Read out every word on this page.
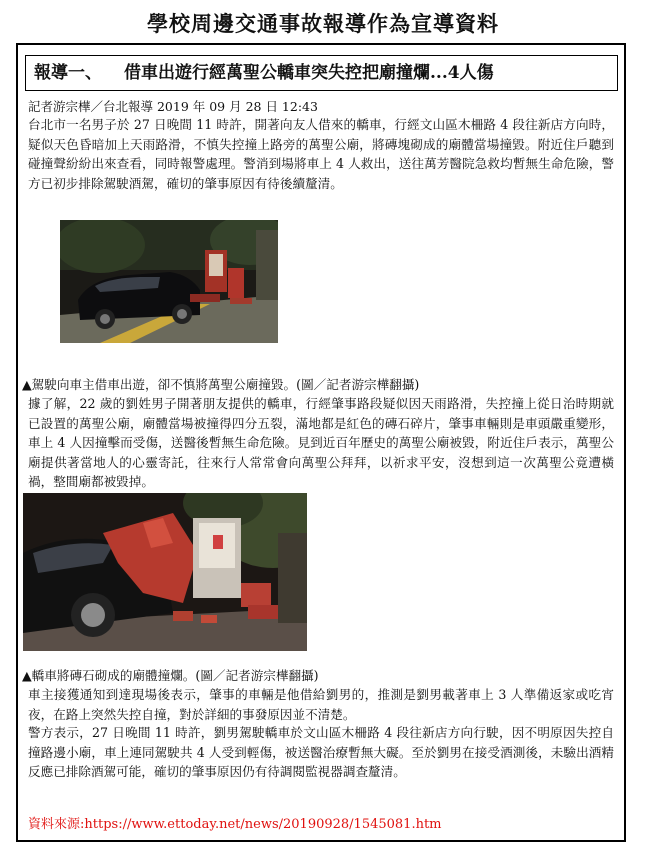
學校周邊交通事故報導作為宣導資料
報導一、 借車出遊行經萬聖公轎車突失控把廟撞爛...4人傷
記者游宗樺／台北報導 2019 年 09 月 28 日 12:43
台北市一名男子於 27 日晚間 11 時許，開著向友人借來的轎車，行經文山區木柵路 4 段往新店方向時，疑似天色昏暗加上天雨路滑，不慎失控撞上路旁的萬聖公廟，將磚塊砌成的廟體當場撞毀。附近住戶聽到碰撞聲紛紛出來查看，同時報警處理。警消到場將車上 4 人救出，送往萬芳醫院急救均暫無生命危險，警方已初步排除駕駛酒駕，確切的肇事原因有待後續釐清。
▲駕駛向車主借車出遊，卻不慎將萬聖公廟撞毀。(圖／記者游宗樺翻攝)
據了解，22 歲的劉姓男子開著朋友提供的轎車，行經肇事路段疑似因天雨路滑，失控撞上從日治時期就已設置的萬聖公廟，廟體當場被撞得四分五裂，滿地都是紅色的磚石碎片，肇事車輛則是車頭嚴重變形，車上 4 人因撞擊而受傷，送醫後暫無生命危險。見到近百年歷史的萬聖公廟被毀，附近住戶表示，萬聖公廟提供著當地人的心靈寄託，往來行人常常會向萬聖公拜拜，以祈求平安，沒想到這一次萬聖公竟遭橫禍，整間廟都被毀掉。
▲轎車將磚石砌成的廟體撞爛。(圖／記者游宗樺翻攝)
車主接獲通知到達現場後表示，肇事的車輛是他借給劉男的，推測是劉男載著車上 3 人準備返家或吃宵夜，在路上突然失控自撞，對於詳細的事發原因並不清楚。
警方表示，27 日晚間 11 時許，劉男駕駛轎車於文山區木柵路 4 段往新店方向行駛，因不明原因失控自撞路邊小廟，車上連同駕駛共 4 人受到輕傷，被送醫治療暫無大礙。至於劉男在接受酒測後，未驗出酒精反應已排除酒駕可能，確切的肇事原因仍有待調閱監視器調查釐清。
資料來源:https://www.ettoday.net/news/20190928/1545081.htm
